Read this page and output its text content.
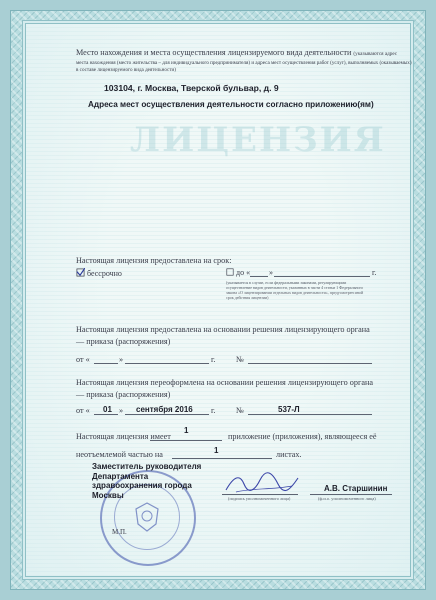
ЛИЦЕНЗИЯ
Место нахождения и места осуществления лицензируемого вида деятельности (указываются адрес
места нахождения (место жительства – для индивидуального предпринимателя) и адреса мест осуществления работ (услуг), выполняемых (оказываемых)
в составе лицензируемого вида деятельности)
103104, г. Москва, Тверской бульвар, д. 9
Адреса мест осуществления деятельности согласно приложению(ям)
Настоящая лицензия предоставлена на срок:
бессрочно	до « »	г.
(указывается в случае, если федеральными законами, регулирующими осуществление видов деятельности, указанных в части 4 статьи 1 Федерального закона «О лицензировании отдельных видов деятельности», предусмотрен иной срок действия лицензии)
Настоящая лицензия предоставлена на основании решения лицензирующего органа
— приказа (распоряжения)
от «	»	г.	№
Настоящая лицензия переоформлена на основании решения лицензирующего органа
— приказа (распоряжения)
от « 01 » сентября 2016 г.	№	537-Л
Настоящая лицензия имеет
1
приложение (приложения), являющееся её
неотъемлемой частью на	1	листах.
Заместитель руководителя
Департамента
здравоохранения города
Москвы	(подпись уполномоченного лица)
А.В. Старшинин
(ф.и.о. уполномоченного лица)
М.П.
